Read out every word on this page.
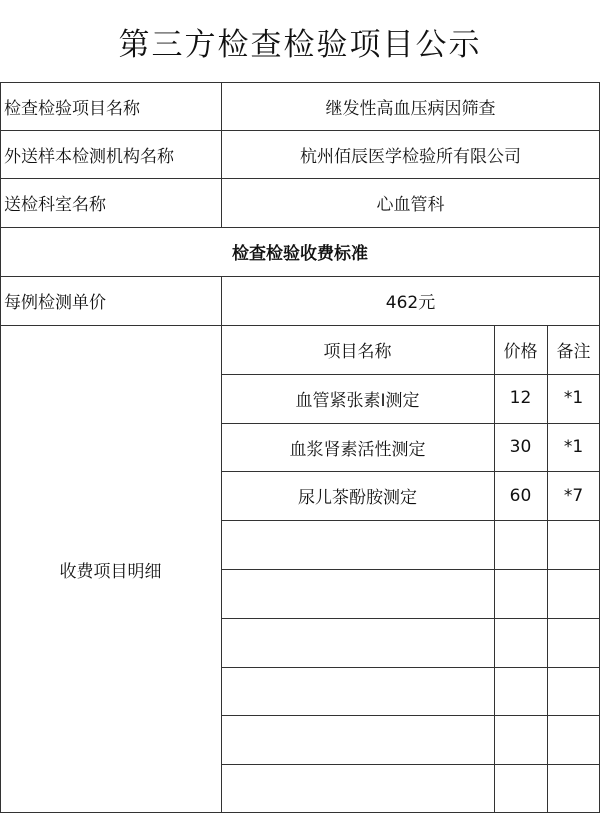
第三方检查检验项目公示
检查检验项目名称	继发性高血压病因筛查
外送样本检测机构名称	杭州佰辰医学检验所有限公司
送检科室名称	心血管科
检查检验收费标准
每例检测单价	462元
收费项目明细
项目名称	价格	备注
血管紧张素I测定	12	*1
血浆肾素活性测定	30	*1
尿儿茶酚胺测定	60	*7
